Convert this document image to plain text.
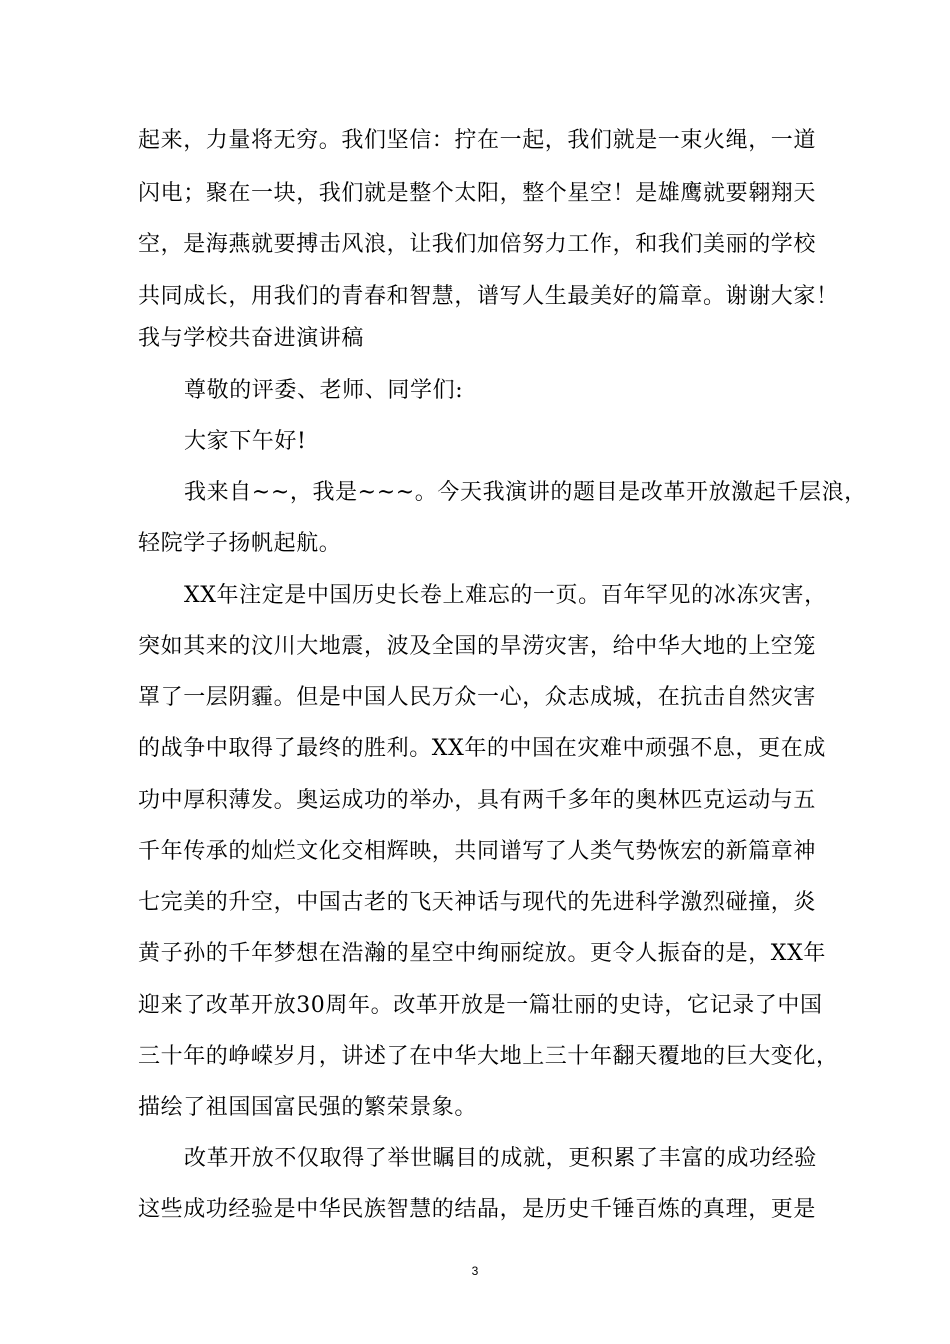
起来，力量将无穷。我们坚信：拧在一起，我们就是一束火绳，一道
闪电；聚在一块，我们就是整个太阳，整个星空！是雄鹰就要翱翔天
空，是海燕就要搏击风浪，让我们加倍努力工作，和我们美丽的学校
共同成长，用我们的青春和智慧，谱写人生最美好的篇章。谢谢大家！
我与学校共奋进演讲稿
尊敬的评委、老师、同学们:
大家下午好!
我来自~~，我是~~~。今天我演讲的题目是改革开放激起千层浪，
轻院学子扬帆起航。
XX年注定是中国历史长卷上难忘的一页。百年罕见的冰冻灾害，
突如其来的汶川大地震，波及全国的旱涝灾害，给中华大地的上空笼
罩了一层阴霾。但是中国人民万众一心，众志成城，在抗击自然灾害
的战争中取得了最终的胜利。XX年的中国在灾难中顽强不息，更在成
功中厚积薄发。奥运成功的举办，具有两千多年的奥林匹克运动与五
千年传承的灿烂文化交相辉映，共同谱写了人类气势恢宏的新篇章神
七完美的升空，中国古老的飞天神话与现代的先进科学激烈碰撞，炎
黄子孙的千年梦想在浩瀚的星空中绚丽绽放。更令人振奋的是，XX年
迎来了改革开放30周年。改革开放是一篇壮丽的史诗，它记录了中国
三十年的峥嵘岁月，讲述了在中华大地上三十年翻天覆地的巨大变化，
描绘了祖国国富民强的繁荣景象。
改革开放不仅取得了举世瞩目的成就，更积累了丰富的成功经验
这些成功经验是中华民族智慧的结晶，是历史千锤百炼的真理，更是
3
